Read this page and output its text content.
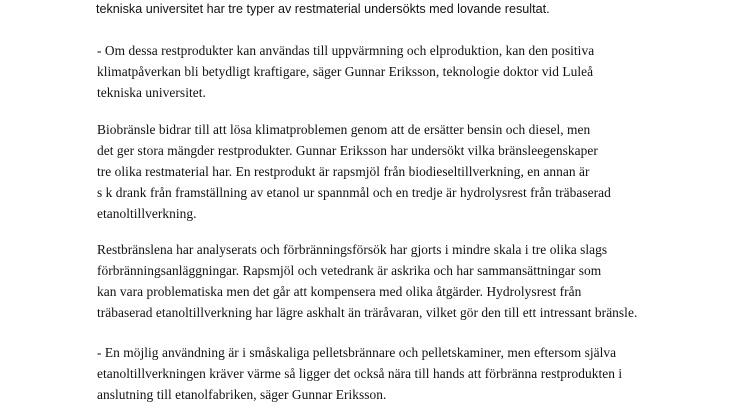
tekniska universitet har tre typer av restmaterial undersökts med lovande resultat.

- Om dessa restprodukter kan användas till uppvärmning och elproduktion, kan den positiva
klimatpåverkan bli betydligt kraftigare, säger Gunnar Eriksson, teknologie doktor vid Luleå
tekniska universitet.

Biobränsle bidrar till att lösa klimatproblemen genom att de ersätter bensin och diesel, men
det ger stora mängder restprodukter. Gunnar Eriksson har undersökt vilka bränsleegenskaper
tre olika restmaterial har. En restprodukt är rapsmjöl från biodieseltillverkning, en annan är
s k drank från framställning av etanol ur spannmål och en tredje är hydrolysrest från träbaserad
etanoltillverkning.

Restbränslena har analyserats och förbränningsförsök har gjorts i mindre skala i tre olika slags
förbränningsanläggningar. Rapsmjöl och vetedrank är askrika och har sammansättningar som
kan vara problematiska men det går att kompensera med olika åtgärder. Hydrolysrest från
träbaserad etanoltillverkning har lägre askhalt än träråvaran, vilket gör den till ett intressant bränsle.

- En möjlig användning är i småskaliga pelletsbrännare och pelletskaminer, men eftersom själva
etanoltillverkningen kräver värme så ligger det också nära till hands att förbränna restprodukten i
anslutning till etanolfabriken, säger Gunnar Eriksson.
